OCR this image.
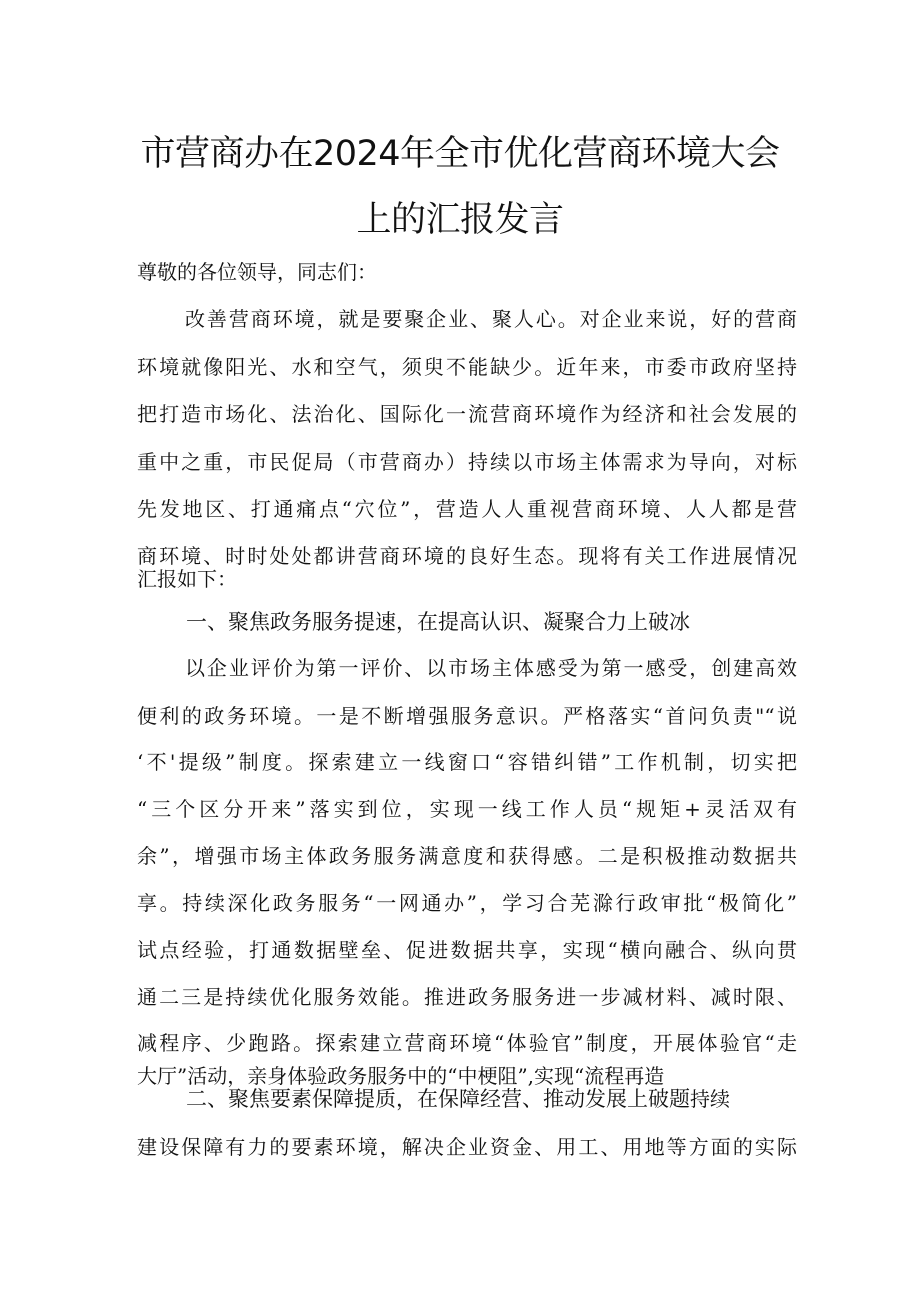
市营商办在2024年全市优化营商环境大会
上的汇报发言
尊敬的各位领导，同志们：
改善营商环境，就是要聚企业、聚人心。对企业来说，好的营商
环境就像阳光、水和空气，须臾不能缺少。近年来，市委市政府坚持
把打造市场化、法治化、国际化一流营商环境作为经济和社会发展的
重中之重，市民促局（市营商办）持续以市场主体需求为导向，对标
先发地区、打通痛点“穴位”，营造人人重视营商环境、人人都是营
商环境、时时处处都讲营商环境的良好生态。现将有关工作进展情况
汇报如下：
一、聚焦政务服务提速，在提高认识、凝聚合力上破冰
以企业评价为第一评价、以市场主体感受为第一感受，创建高效
便利的政务环境。一是不断增强服务意识。严格落实“首问负责"“说
‘不'提级”制度。探索建立一线窗口“容错纠错”工作机制，切实把
“三个区分开来”落实到位，实现一线工作人员“规矩+灵活双有
余”，增强市场主体政务服务满意度和获得感。二是积极推动数据共
享。持续深化政务服务“一网通办”，学习合芜滁行政审批“极简化”
试点经验，打通数据壁垒、促进数据共享，实现“横向融合、纵向贯
通二三是持续优化服务效能。推进政务服务进一步减材料、减时限、
减程序、少跑路。探索建立营商环境“体验官”制度，开展体验官“走
大厅”活动，亲身体验政务服务中的“中梗阻”,实现“流程再造
二、聚焦要素保障提质，在保障经营、推动发展上破题持续
建设保障有力的要素环境，解决企业资金、用工、用地等方面的实际
